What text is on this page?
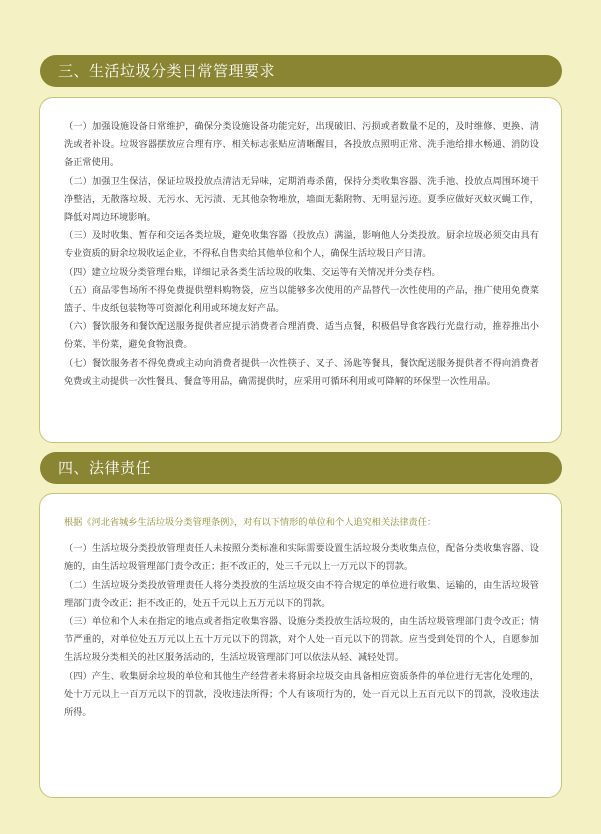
三、生活垃圾分类日常管理要求

（一）加强设施设备日常维护，确保分类设施设备功能完好，出现破旧、污损或者数量不足的，及时维修、更换、清洗或者补设。垃圾容器摆放应合理有序、相关标志张贴应清晰醒目，各投放点照明正常、洗手池给排水畅通、消防设备正常使用。

（二）加强卫生保洁，保证垃圾投放点清洁无异味，定期消毒杀菌，保持分类收集容器、洗手池、投放点周围环境干净整洁，无散落垃圾、无污水、无污渍、无其他杂物堆放，墙面无黏附物、无明显污迹。夏季应做好灭蚊灭蝇工作，降低对周边环境影响。

（三）及时收集、暂存和交运各类垃圾，避免收集容器（投放点）满溢，影响他人分类投放。厨余垃圾必须交由具有专业资质的厨余垃圾收运企业，不得私自售卖给其他单位和个人，确保生活垃圾日产日清。

（四）建立垃圾分类管理台账，详细记录各类生活垃圾的收集、交运等有关情况并分类存档。

（五）商品零售场所不得免费提供塑料购物袋，应当以能够多次使用的产品替代一次性使用的产品，推广使用免费菜篮子、牛皮纸包装物等可资源化利用或环境友好产品。

（六）餐饮服务和餐饮配送服务提供者应提示消费者合理消费、适当点餐，积极倡导食客践行光盘行动，推荐推出小份菜、半份菜，避免食物浪费。

（七）餐饮服务者不得免费或主动向消费者提供一次性筷子、叉子、汤匙等餐具，餐饮配送服务提供者不得向消费者免费或主动提供一次性餐具、餐盒等用品，确需提供时，应采用可循环利用或可降解的环保型一次性用品。

四、法律责任

根据《河北省城乡生活垃圾分类管理条例》，对有以下情形的单位和个人追究相关法律责任：

（一）生活垃圾分类投放管理责任人未按照分类标准和实际需要设置生活垃圾分类收集点位，配备分类收集容器、设施的，由生活垃圾管理部门责令改正；拒不改正的，处三千元以上一万元以下的罚款。

（二）生活垃圾分类投放管理责任人将分类投放的生活垃圾交由不符合规定的单位进行收集、运输的，由生活垃圾管理部门责令改正；拒不改正的，处五千元以上五万元以下的罚款。

（三）单位和个人未在指定的地点或者指定收集容器、设施分类投放生活垃圾的，由生活垃圾管理部门责令改正；情节严重的，对单位处五万元以上五十万元以下的罚款，对个人处一百元以下的罚款。应当受到处罚的个人，自愿参加生活垃圾分类相关的社区服务活动的，生活垃圾管理部门可以依法从轻、减轻处罚。

（四）产生、收集厨余垃圾的单位和其他生产经营者未将厨余垃圾交由具备相应资质条件的单位进行无害化处理的，处十万元以上一百万元以下的罚款，没收违法所得；个人有该项行为的，处一百元以上五百元以下的罚款，没收违法所得。
